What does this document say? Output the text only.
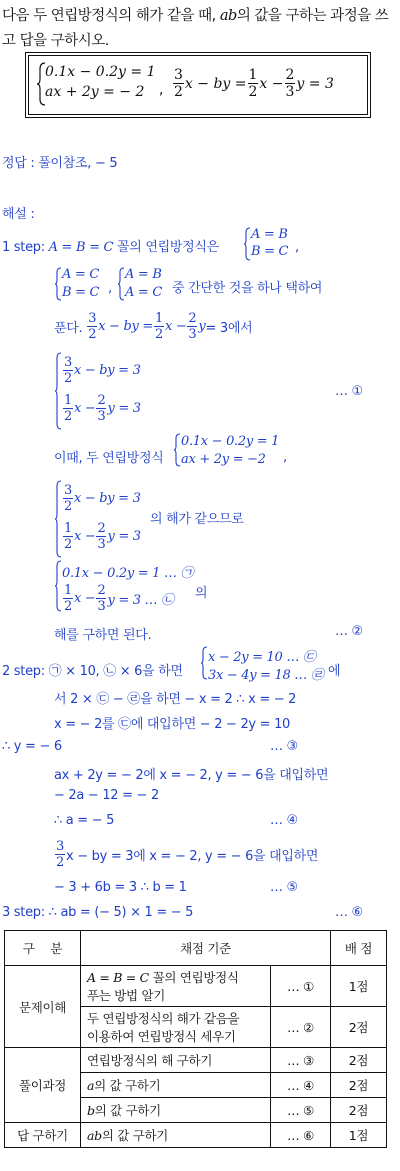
다음 두 연립방정식의 해가 같을 때, ab의 값을 구하는 과정을 쓰
고 답을 구하시오.
0.1x − 0.2y = 1
ax + 2y = − 2 , $\frac{3}{2}$ x − by = $\frac{1}{2}$ $x - \frac{2}{3}$ y = 3
정답 : 풀이참조, − 5
해설 :
1 step: A = B = C 꼴의 연립방정식은
A = B
B = C ,
A = C
B = C ,
A = B
A = C 중 간단한 것을 하나 택하여
푼다.
$\frac{3}{2}$ x − by = $\frac{1}{2}$ $x - \frac{2}{3}$ y = 3에서
$\frac{3}{2}$ x − by = 3
$\frac{1}{2}$ $x - \frac{2}{3}$ y = 3
… ①
이때, 두 연립방정식
0.1x − 0.2y = 1
ax + 2y = −2 ,
$\frac{3}{2}$ x − by = 3
$\frac{1}{2}$ $x - \frac{2}{3}$ y = 3
의 해가 같으므로
0.1x − 0.2y = 1 … ㉠
$\frac{1}{2}$ $x - \frac{2}{3}$ y = 3 … ㉡ 의
해를 구하면 된다.	… ②
2 step: ㉠ × 10, ㉡ × 6을 하면
x − 2y = 10 … ㉢
3x − 4y = 18 … ㉣ 에
서 2 × ㉢ − ㉣을 하면 − x = 2 ∴ x = − 2
x = − 2를 ㉢에 대입하면 − 2 − 2y = 10
∴ y = − 6	… ③
ax + 2y = − 2에 x = − 2, y = − 6을 대입하면
− 2a − 12 = − 2
∴ a = − 5	… ④
$\frac{3}{2}$ x − by = 3에 x = − 2, y = − 6을 대입하면
− 3 + 6b = 3 ∴ b = 1	… ⑤
3 step: ∴ ab = (− 5) × 1 = − 5	… ⑥
구　 분	채점 기준		배 점
문제이해	A = B = C 꼴의 연립방정식
푸는 방법 알기	… ①	1점
	두 연립방정식의 해가 같음을
이용하여 연립방정식 세우기	… ②	2점
풀이과정	연립방정식의 해 구하기	… ③	2점
	a의 값 구하기	… ④	2점
	b의 값 구하기	… ⑤	2점
답 구하기	ab의 값 구하기	… ⑥	1점
